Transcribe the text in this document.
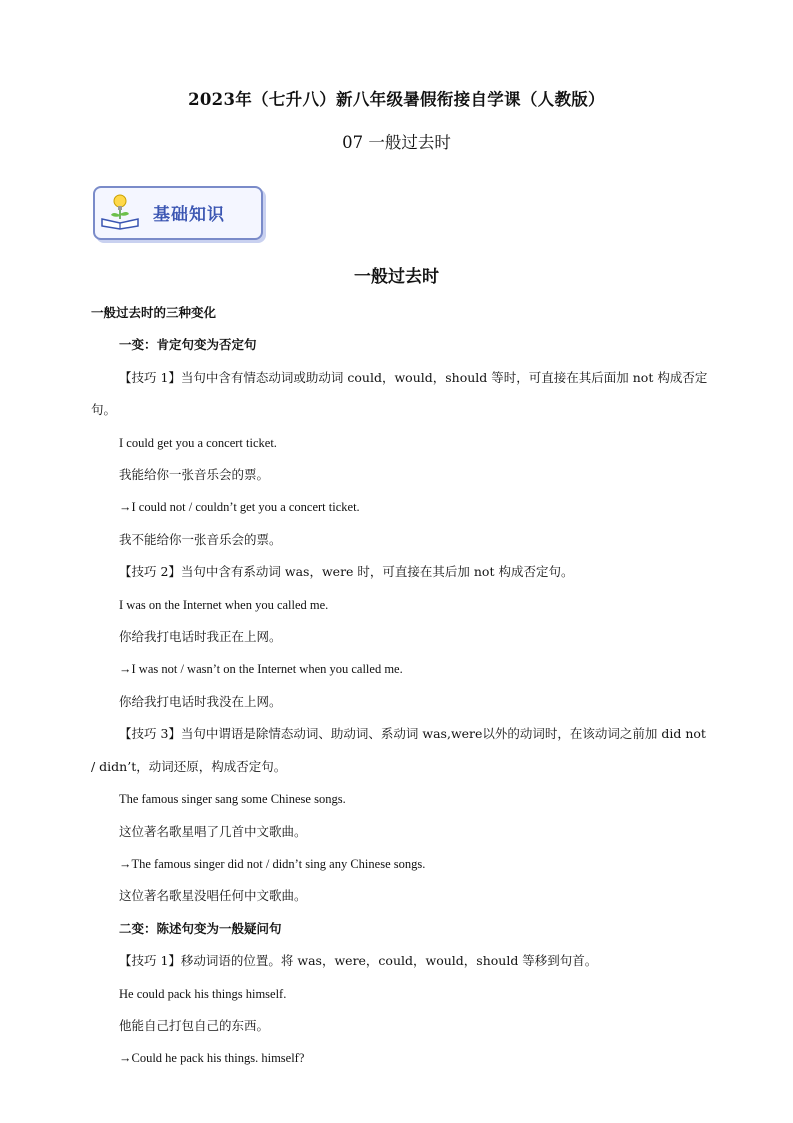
2023年（七升八）新八年级暑假衔接自学课（人教版）
07 一般过去时
基础知识
一般过去时
一般过去时的三种变化
一变：肯定句变为否定句
【技巧 1】当句中含有情态动词或助动词 could，would，should 等时，可直接在其后面加 not 构成否定句。
I could get you a concert ticket.
我能给你一张音乐会的票。
→I could not / couldn’t get you a concert ticket.
我不能给你一张音乐会的票。
【技巧 2】当句中含有系动词 was，were 时，可直接在其后加 not 构成否定句。
I was on the Internet when you called me.
你给我打电话时我正在上网。
→I was not / wasn’t on the Internet when you called me.
你给我打电话时我没在上网。
【技巧 3】当句中谓语是除情态动词、助动词、系动词 was,were以外的动词时，在该动词之前加 did not / didn’t，动词还原，构成否定句。
The famous singer sang some Chinese songs.
这位著名歌星唱了几首中文歌曲。
→The famous singer did not / didn’t sing any Chinese songs.
这位著名歌星没唱任何中文歌曲。
二变：陈述句变为一般疑问句
【技巧 1】移动词语的位置。将 was，were，could，would，should 等移到句首。
He could pack his things himself.
他能自己打包自己的东西。
→Could he pack his things. himself?
